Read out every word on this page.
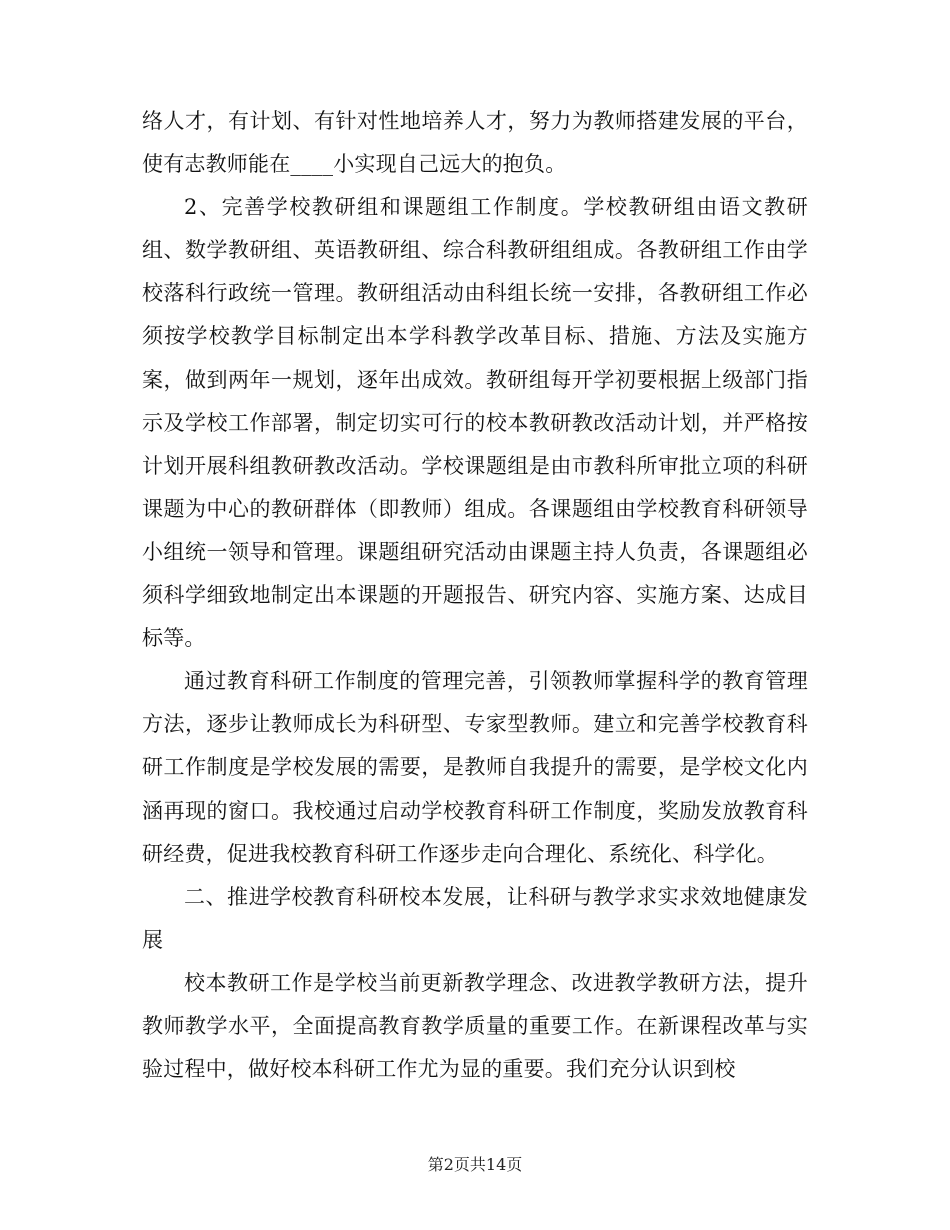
络人才，有计划、有针对性地培养人才，努力为教师搭建发展的平台，使有志教师能在____小实现自己远大的抱负。

2、完善学校教研组和课题组工作制度。学校教研组由语文教研组、数学教研组、英语教研组、综合科教研组组成。各教研组工作由学校落科行政统一管理。教研组活动由科组长统一安排，各教研组工作必须按学校教学目标制定出本学科教学改革目标、措施、方法及实施方案，做到两年一规划，逐年出成效。教研组每开学初要根据上级部门指示及学校工作部署，制定切实可行的校本教研教改活动计划，并严格按计划开展科组教研教改活动。学校课题组是由市教科所审批立项的科研课题为中心的教研群体（即教师）组成。各课题组由学校教育科研领导小组统一领导和管理。课题组研究活动由课题主持人负责，各课题组必须科学细致地制定出本课题的开题报告、研究内容、实施方案、达成目标等。

通过教育科研工作制度的管理完善，引领教师掌握科学的教育管理方法，逐步让教师成长为科研型、专家型教师。建立和完善学校教育科研工作制度是学校发展的需要，是教师自我提升的需要，是学校文化内涵再现的窗口。我校通过启动学校教育科研工作制度，奖励发放教育科研经费，促进我校教育科研工作逐步走向合理化、系统化、科学化。

二、推进学校教育科研校本发展，让科研与教学求实求效地健康发展

校本教研工作是学校当前更新教学理念、改进教学教研方法，提升教师教学水平，全面提高教育教学质量的重要工作。在新课程改革与实验过程中，做好校本科研工作尤为显的重要。我们充分认识到校

第2页共14页
